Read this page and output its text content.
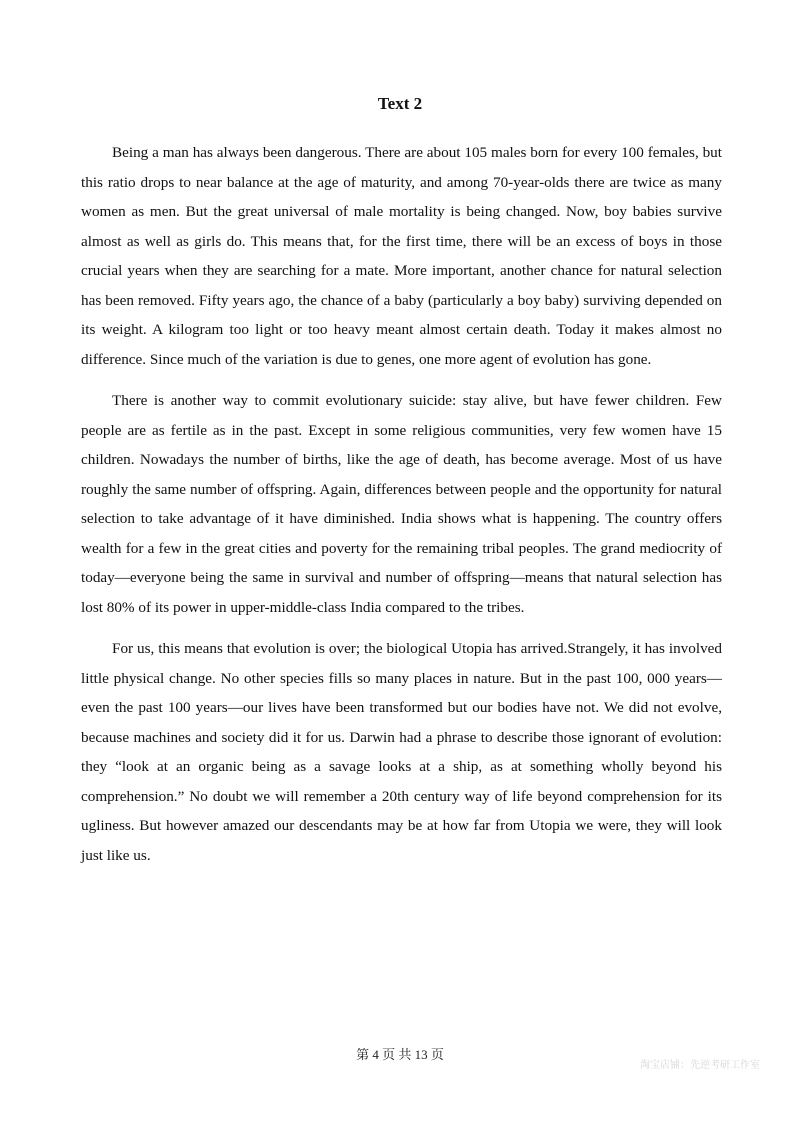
Text 2

Being a man has always been dangerous. There are about 105 males born for every 100 females, but this ratio drops to near balance at the age of maturity, and among 70-year-olds there are twice as many women as men. But the great universal of male mortality is being changed. Now, boy babies survive almost as well as girls do. This means that, for the first time, there will be an excess of boys in those crucial years when they are searching for a mate. More important, another chance for natural selection has been removed. Fifty years ago, the chance of a baby (particularly a boy baby) surviving depended on its weight. A kilogram too light or too heavy meant almost certain death. Today it makes almost no difference. Since much of the variation is due to genes, one more agent of evolution has gone.

There is another way to commit evolutionary suicide: stay alive, but have fewer children. Few people are as fertile as in the past. Except in some religious communities, very few women have 15 children. Nowadays the number of births, like the age of death, has become average. Most of us have roughly the same number of offspring. Again, differences between people and the opportunity for natural selection to take advantage of it have diminished. India shows what is happening. The country offers wealth for a few in the great cities and poverty for the remaining tribal peoples. The grand mediocrity of today—everyone being the same in survival and number of offspring—means that natural selection has lost 80% of its power in upper-middle-class India compared to the tribes.

For us, this means that evolution is over; the biological Utopia has arrived.Strangely, it has involved little physical change. No other species fills so many places in nature. But in the past 100, 000 years—even the past 100 years—our lives have been transformed but our bodies have not. We did not evolve, because machines and society did it for us. Darwin had a phrase to describe those ignorant of evolution: they “look at an organic being as a savage looks at a ship, as at something wholly beyond his comprehension.” No doubt we will remember a 20th century way of life beyond comprehension for its ugliness. But however amazed our descendants may be at how far from Utopia we were, they will look just like us.

第 4 页 共 13 页
淘宝店铺：先逆考研工作室
